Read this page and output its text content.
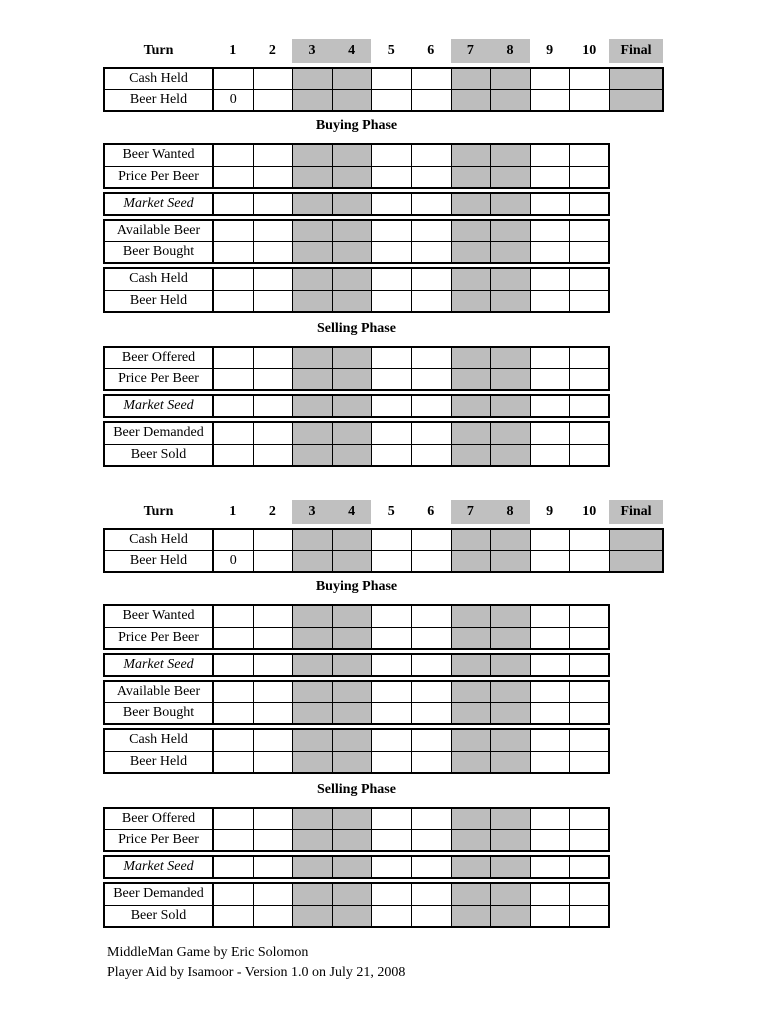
Turn	1	2	3	4	5	6	7	8	9	10	Final
Cash Held
Beer Held	0
Buying Phase
Beer Wanted
Price Per Beer
Market Seed
Available Beer
Beer Bought
Cash Held
Beer Held
Selling Phase
Beer Offered
Price Per Beer
Market Seed
Beer Demanded
Beer Sold
Turn	1	2	3	4	5	6	7	8	9	10	Final
Cash Held
Beer Held	0
Buying Phase
Beer Wanted
Price Per Beer
Market Seed
Available Beer
Beer Bought
Cash Held
Beer Held
Selling Phase
Beer Offered
Price Per Beer
Market Seed
Beer Demanded
Beer Sold
MiddleMan Game by Eric Solomon
Player Aid by Isamoor - Version 1.0 on July 21, 2008
